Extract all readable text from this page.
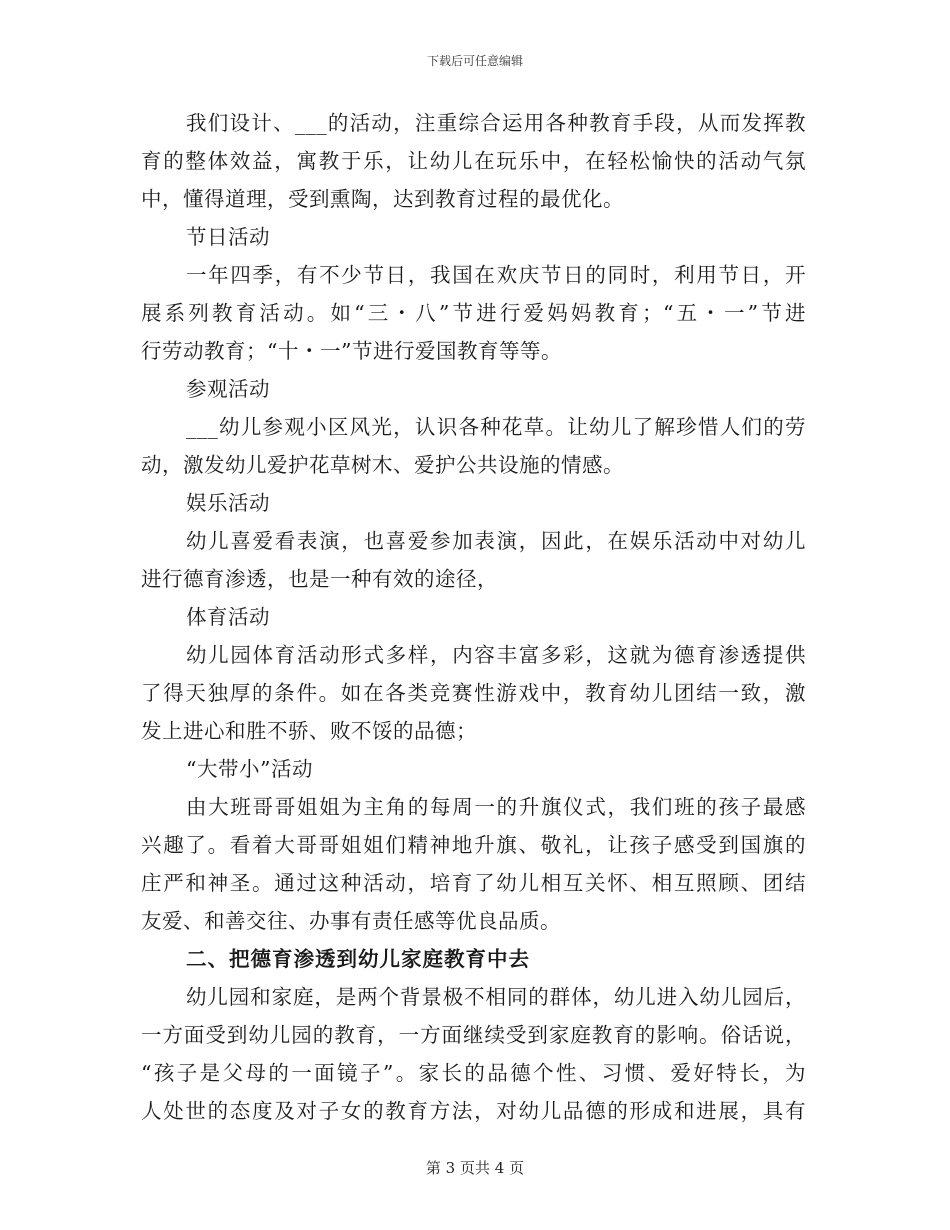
下载后可任意编辑
我们设计、___的活动，注重综合运用各种教育手段，从而发挥教
育的整体效益，寓教于乐，让幼儿在玩乐中，在轻松愉快的活动气氛
中，懂得道理，受到熏陶，达到教育过程的最优化。
节日活动
一年四季，有不少节日，我国在欢庆节日的同时，利用节日，开
展系列教育活动。如“三・八”节进行爱妈妈教育；“五・一”节进
行劳动教育；“十・一”节进行爱国教育等等。
参观活动
___幼儿参观小区风光，认识各种花草。让幼儿了解珍惜人们的劳
动，激发幼儿爱护花草树木、爱护公共设施的情感。
娱乐活动
幼儿喜爱看表演，也喜爱参加表演，因此，在娱乐活动中对幼儿
进行德育渗透，也是一种有效的途径，
体育活动
幼儿园体育活动形式多样，内容丰富多彩，这就为德育渗透提供
了得天独厚的条件。如在各类竞赛性游戏中，教育幼儿团结一致，激
发上进心和胜不骄、败不馁的品德；
“大带小”活动
由大班哥哥姐姐为主角的每周一的升旗仪式，我们班的孩子最感
兴趣了。看着大哥哥姐姐们精神地升旗、敬礼，让孩子感受到国旗的
庄严和神圣。通过这种活动，培育了幼儿相互关怀、相互照顾、团结
友爱、和善交往、办事有责任感等优良品质。
二、把德育渗透到幼儿家庭教育中去
幼儿园和家庭，是两个背景极不相同的群体，幼儿进入幼儿园后，
一方面受到幼儿园的教育，一方面继续受到家庭教育的影响。俗话说，
“孩子是父母的一面镜子”。家长的品德个性、习惯、爱好特长，为
人处世的态度及对子女的教育方法，对幼儿品德的形成和进展，具有
第 3 页共 4 页
